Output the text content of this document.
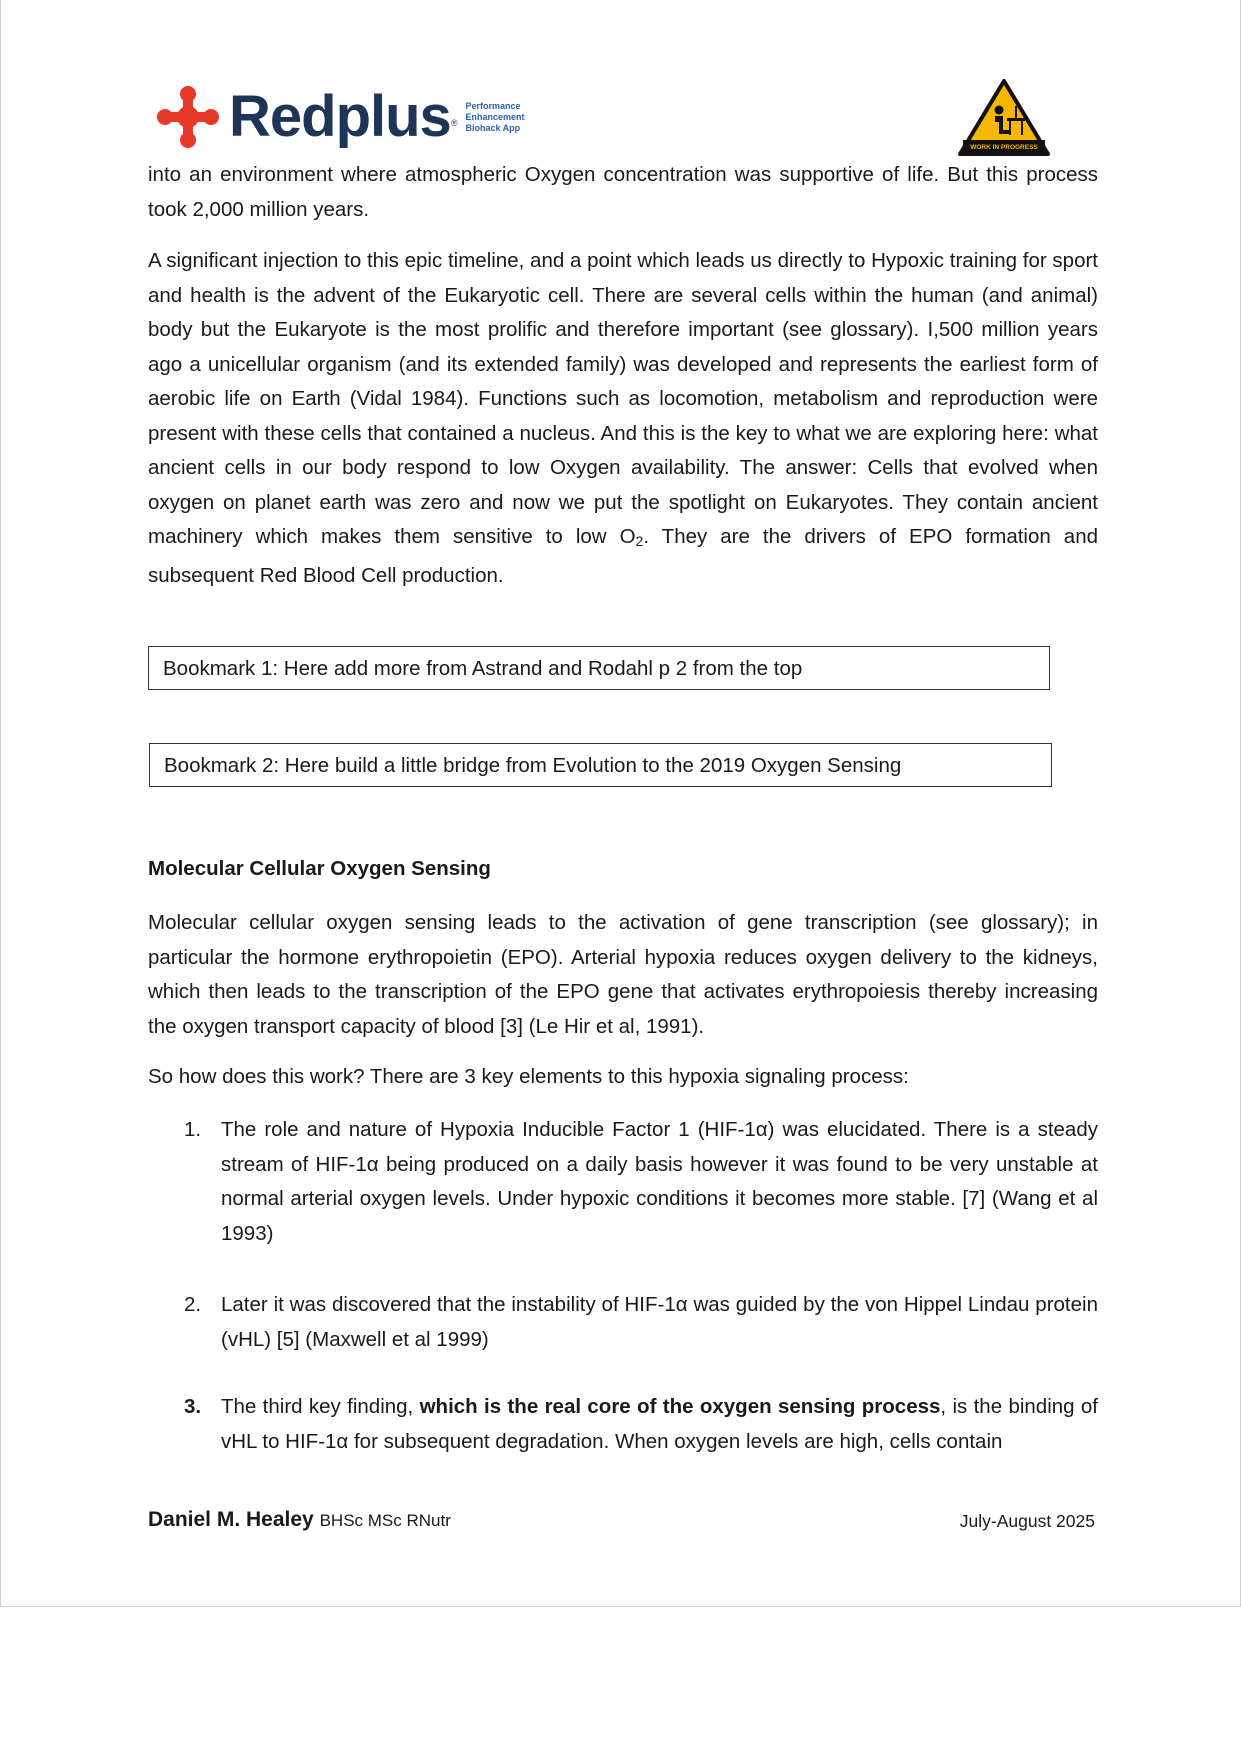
Redplus ®
Performance
Enhancement
Biohack App
WORK IN PROGRESS

into an environment where atmospheric Oxygen concentration was supportive of life. But this process took 2,000 million years.

A significant injection to this epic timeline, and a point which leads us directly to Hypoxic training for sport and health is the advent of the Eukaryotic cell. There are several cells within the human (and animal) body but the Eukaryote is the most prolific and therefore important (see glossary). I,500 million years ago a unicellular organism (and its extended family) was developed and represents the earliest form of aerobic life on Earth (Vidal 1984). Functions such as locomotion, metabolism and reproduction were present with these cells that contained a nucleus. And this is the key to what we are exploring here: what ancient cells in our body respond to low Oxygen availability. The answer: Cells that evolved when oxygen on planet earth was zero and now we put the spotlight on Eukaryotes. They contain ancient machinery which makes them sensitive to low $O_2$. They are the drivers of EPO formation and subsequent Red Blood Cell production.

Bookmark 1: Here add more from Astrand and Rodahl p 2 from the top
Bookmark 2: Here build a little bridge from Evolution to the 2019 Oxygen Sensing
Molecular Cellular Oxygen Sensing

Molecular cellular oxygen sensing leads to the activation of gene transcription (see glossary); in particular the hormone erythropoietin (EPO). Arterial hypoxia reduces oxygen delivery to the kidneys, which then leads to the transcription of the EPO gene that activates erythropoiesis thereby increasing the oxygen transport capacity of blood [3] (Le Hir et al, 1991).

So how does this work? There are 3 key elements to this hypoxia signaling process:

1. The role and nature of Hypoxia Inducible Factor 1 (HIF-1α) was elucidated. There is a steady stream of HIF-1α being produced on a daily basis however it was found to be very unstable at normal arterial oxygen levels. Under hypoxic conditions it becomes more stable. [7] (Wang et al 1993)
2. Later it was discovered that the instability of HIF-1α was guided by the von Hippel Lindau protein (vHL) [5] (Maxwell et al 1999)
3. The third key finding, which is the real core of the oxygen sensing process, is the binding of vHL to HIF-1α for subsequent degradation. When oxygen levels are high, cells contain
Daniel M. Healey BHSc MSc RNutr	July-August 2025
